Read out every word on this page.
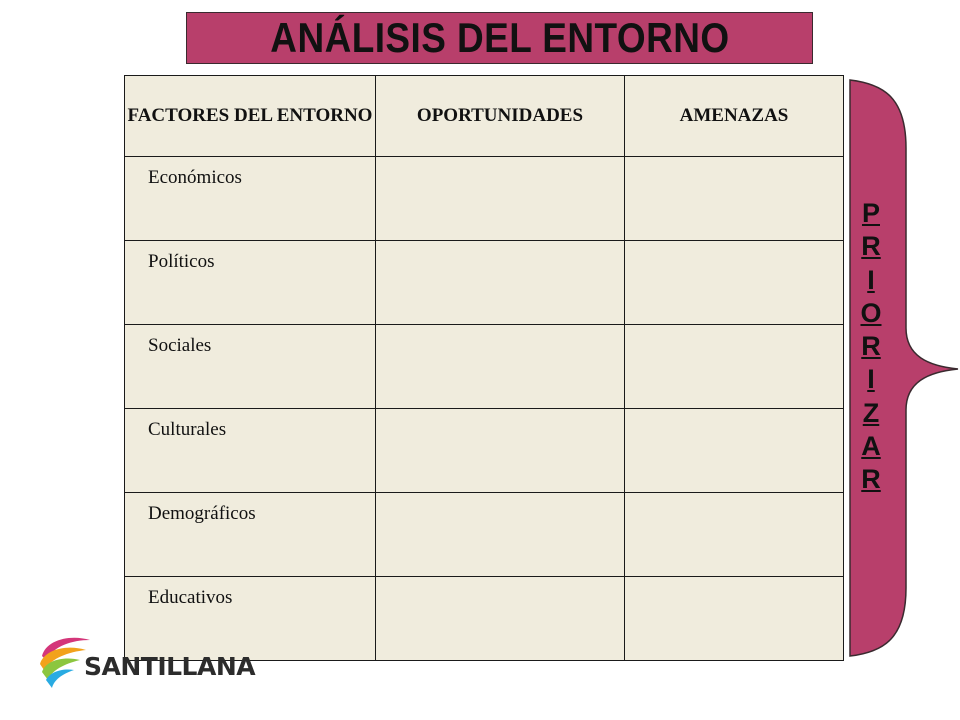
ANÁLISIS DEL ENTORNO
FACTORES DEL ENTORNO	OPORTUNIDADES	AMENAZAS
Económicos		
Políticos		
Sociales		
Culturales		
Demográficos		
Educativos		
P
R
I
O
R
I
Z
A
R
SANTILLANA
